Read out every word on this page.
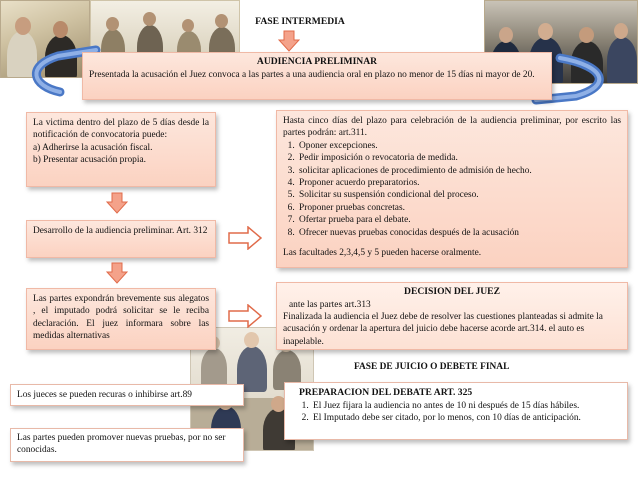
FASE INTERMEDIA
AUDIENCIA PRELIMINAR
Presentada la acusación el Juez convoca a las partes a una audiencia oral en plazo no menor de 15 días ni mayor de 20.
La victima dentro del plazo de 5 días desde la notificación de convocatoria puede:
a) Adherirse la acusación fiscal.
b) Presentar acusación propia.
Desarrollo de la audiencia preliminar. Art. 312
Las partes expondrán brevemente sus alegatos , el imputado podrá solicitar se le reciba declaración. El juez informara sobre las medidas alternativas
Hasta cinco días del plazo para celebración de la audiencia preliminar, por escrito las partes podrán: art.311.
1. Oponer excepciones.
2. Pedir imposición o revocatoria de medida.
3. solicitar aplicaciones de procedimiento de admisión de hecho.
4. Proponer acuerdo preparatorios.
5. Solicitar su suspensión condicional del proceso.
6. Proponer pruebas concretas.
7. Ofertar prueba para el debate.
8. Ofrecer nuevas pruebas conocidas después de la acusación
Las facultades 2,3,4,5 y 5 pueden hacerse oralmente.
DECISION DEL JUEZ
ante las partes art.313
Finalizada la audiencia el Juez debe de resolver las cuestiones planteadas si admite la acusación y ordenar la apertura del juicio debe hacerse acorde art.314. el auto es inapelable.
FASE DE JUICIO O DEBETE FINAL
Los jueces se pueden recuras o inhibirse art.89	PREPARACION DEL DEBATE ART. 325
1. El Juez fijara la audiencia no antes de 10 ni después de 15 días hábiles.
2. El Imputado debe ser citado, por lo menos, con 10 días de anticipación.
Las partes pueden promover nuevas pruebas, por no ser conocidas.
